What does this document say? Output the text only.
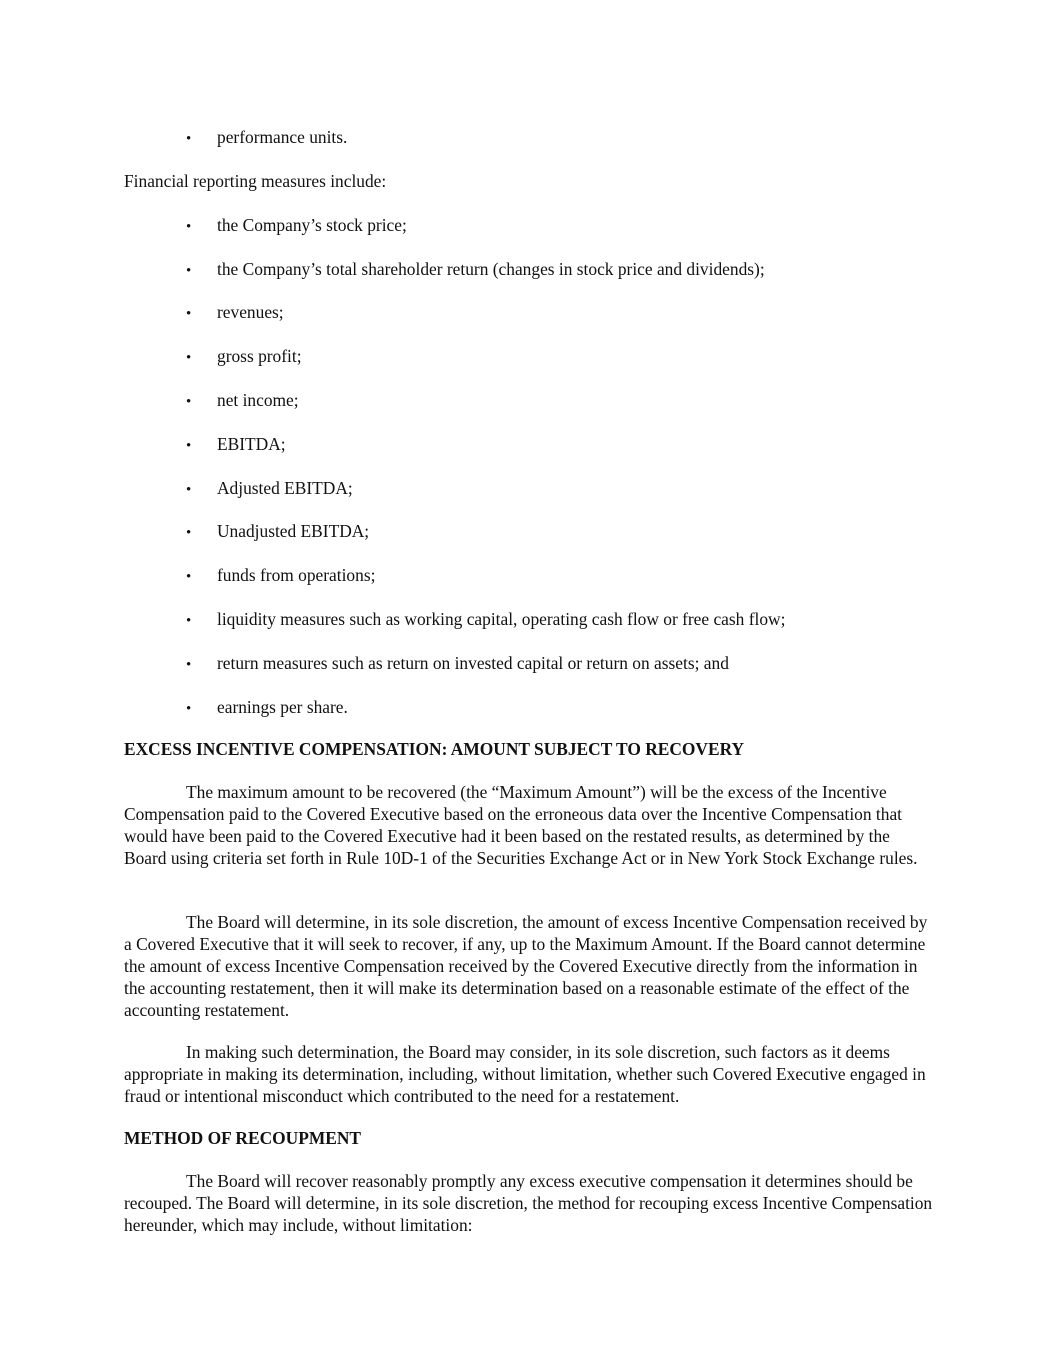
• performance units.
Financial reporting measures include:
• the Company’s stock price;
• the Company’s total shareholder return (changes in stock price and dividends);
• revenues;
• gross profit;
• net income;
• EBITDA;
• Adjusted EBITDA;
• Unadjusted EBITDA;
• funds from operations;
• liquidity measures such as working capital, operating cash flow or free cash flow;
• return measures such as return on invested capital or return on assets; and
• earnings per share.
EXCESS INCENTIVE COMPENSATION: AMOUNT SUBJECT TO RECOVERY
The maximum amount to be recovered (the “Maximum Amount”) will be the excess of the Incentive Compensation paid to the Covered Executive based on the erroneous data over the Incentive Compensation that would have been paid to the Covered Executive had it been based on the restated results, as determined by the Board using criteria set forth in Rule 10D-1 of the Securities Exchange Act or in New York Stock Exchange rules.
The Board will determine, in its sole discretion, the amount of excess Incentive Compensation received by a Covered Executive that it will seek to recover, if any, up to the Maximum Amount. If the Board cannot determine the amount of excess Incentive Compensation received by the Covered Executive directly from the information in the accounting restatement, then it will make its determination based on a reasonable estimate of the effect of the accounting restatement.
In making such determination, the Board may consider, in its sole discretion, such factors as it deems appropriate in making its determination, including, without limitation, whether such Covered Executive engaged in fraud or intentional misconduct which contributed to the need for a restatement.
METHOD OF RECOUPMENT
The Board will recover reasonably promptly any excess executive compensation it determines should be recouped. The Board will determine, in its sole discretion, the method for recouping excess Incentive Compensation hereunder, which may include, without limitation:
